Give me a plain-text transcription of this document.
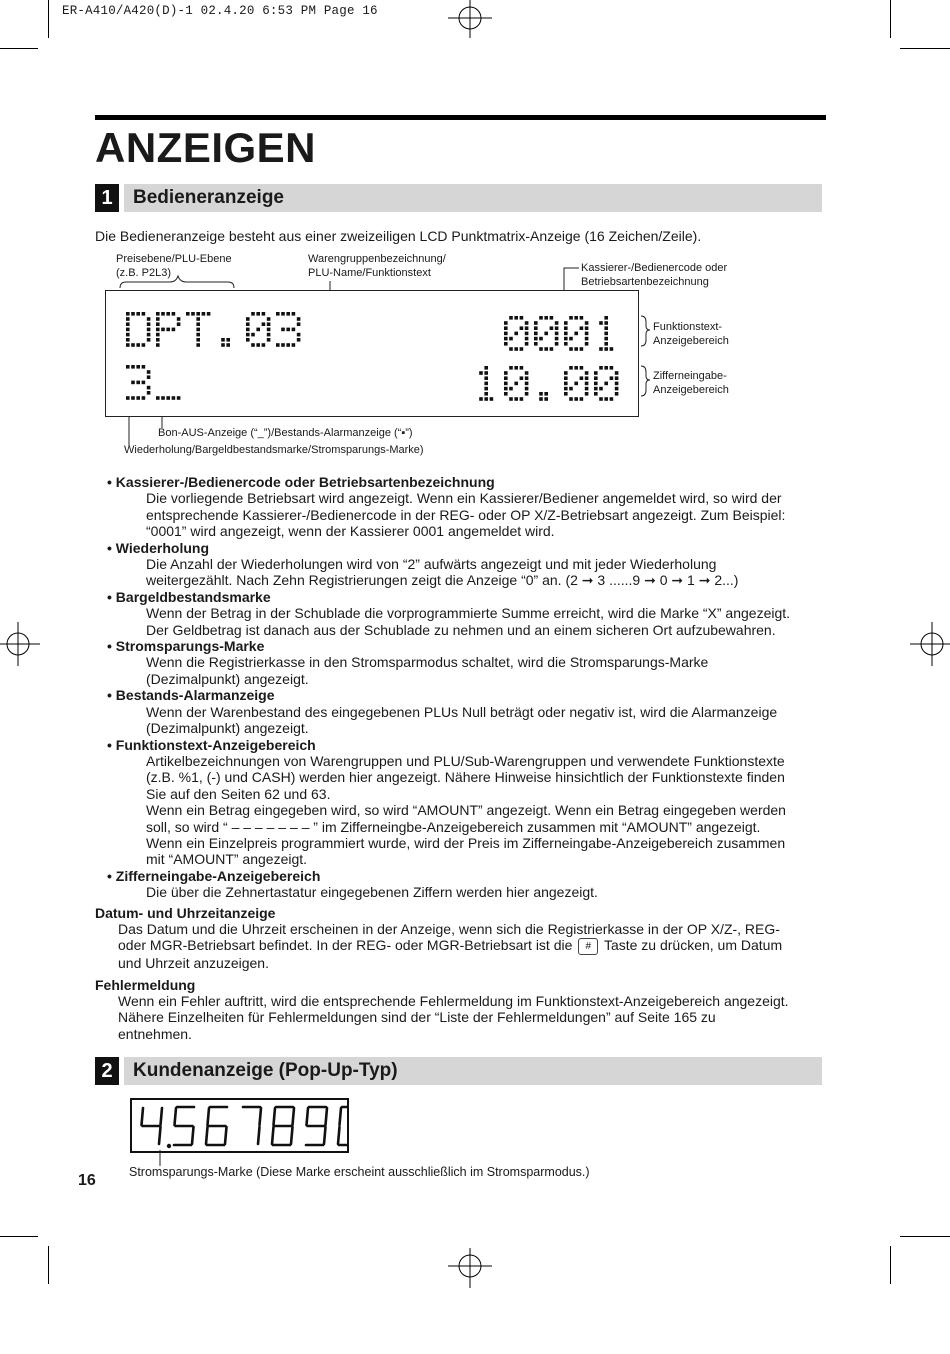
ER-A410/A420(D)-1 02.4.20 6:53 PM Page 16
ANZEIGEN
1	Bedieneranzeige
Die Bedieneranzeige besteht aus einer zweizeiligen LCD Punktmatrix-Anzeige (16 Zeichen/Zeile).
Preisebene/PLU-Ebene
(z.B. P2L3)
Warengruppenbezeichnung/
PLU-Name/Funktionstext	Kassierer-/Bedienercode oder
Betriebsartenbezeichnung
Funktionstext-
Anzeigebereich
Zifferneingabe-
Anzeigebereich
Bon-AUS-Anzeige (“_”)/Bestands-Alarmanzeige (“▪”)
Wiederholung/Bargeldbestandsmarke/Stromsparungs-Marke)
• Kassierer-/Bedienercode oder Betriebsartenbezeichnung

Die vorliegende Betriebsart wird angezeigt. Wenn ein Kassierer/Bediener angemeldet wird, so wird der

entsprechende Kassierer-/Bedienercode in der REG- oder OP X/Z-Betriebsart angezeigt. Zum Beispiel:

“0001” wird angezeigt, wenn der Kassierer 0001 angemeldet wird.

• Wiederholung

Die Anzahl der Wiederholungen wird von “2” aufwärts angezeigt und mit jeder Wiederholung

weitergezählt. Nach Zehn Registrierungen zeigt die Anzeige “0” an. (2 ➞ 3 ......9 ➞ 0 ➞ 1 ➞ 2...)

• Bargeldbestandsmarke

Wenn der Betrag in der Schublade die vorprogrammierte Summe erreicht, wird die Marke “X” angezeigt.

Der Geldbetrag ist danach aus der Schublade zu nehmen und an einem sicheren Ort aufzubewahren.

• Stromsparungs-Marke

Wenn die Registrierkasse in den Stromsparmodus schaltet, wird die Stromsparungs-Marke

(Dezimalpunkt) angezeigt.

• Bestands-Alarmanzeige

Wenn der Warenbestand des eingegebenen PLUs Null beträgt oder negativ ist, wird die Alarmanzeige

(Dezimalpunkt) angezeigt.

• Funktionstext-Anzeigebereich

Artikelbezeichnungen von Warengruppen und PLU/Sub-Warengruppen und verwendete Funktionstexte

(z.B. %1, (-) und CASH) werden hier angezeigt. Nähere Hinweise hinsichtlich der Funktionstexte finden

Sie auf den Seiten 62 und 63.

Wenn ein Betrag eingegeben wird, so wird “AMOUNT” angezeigt. Wenn ein Betrag eingegeben werden

soll, so wird “ – – – – – – – ” im Zifferneingbe-Anzeigebereich zusammen mit “AMOUNT” angezeigt.

Wenn ein Einzelpreis programmiert wurde, wird der Preis im Zifferneingabe-Anzeigebereich zusammen

mit “AMOUNT” angezeigt.

• Zifferneingabe-Anzeigebereich

Die über die Zehnertastatur eingegebenen Ziffern werden hier angezeigt.

Datum- und Uhrzeitanzeige

Das Datum und die Uhrzeit erscheinen in der Anzeige, wenn sich die Registrierkasse in der OP X/Z-, REG-

oder MGR-Betriebsart befindet. In der REG- oder MGR-Betriebsart ist die # Taste zu drücken, um Datum

und Uhrzeit anzuzeigen.

Fehlermeldung

Wenn ein Fehler auftritt, wird die entsprechende Fehlermeldung im Funktionstext-Anzeigebereich angezeigt.

Nähere Einzelheiten für Fehlermeldungen sind der “Liste der Fehlermeldungen” auf Seite 165 zu

entnehmen.

2	Kundenanzeige (Pop-Up-Typ)
Stromsparungs-Marke (Diese Marke erscheint ausschließlich im Stromsparmodus.)
16
